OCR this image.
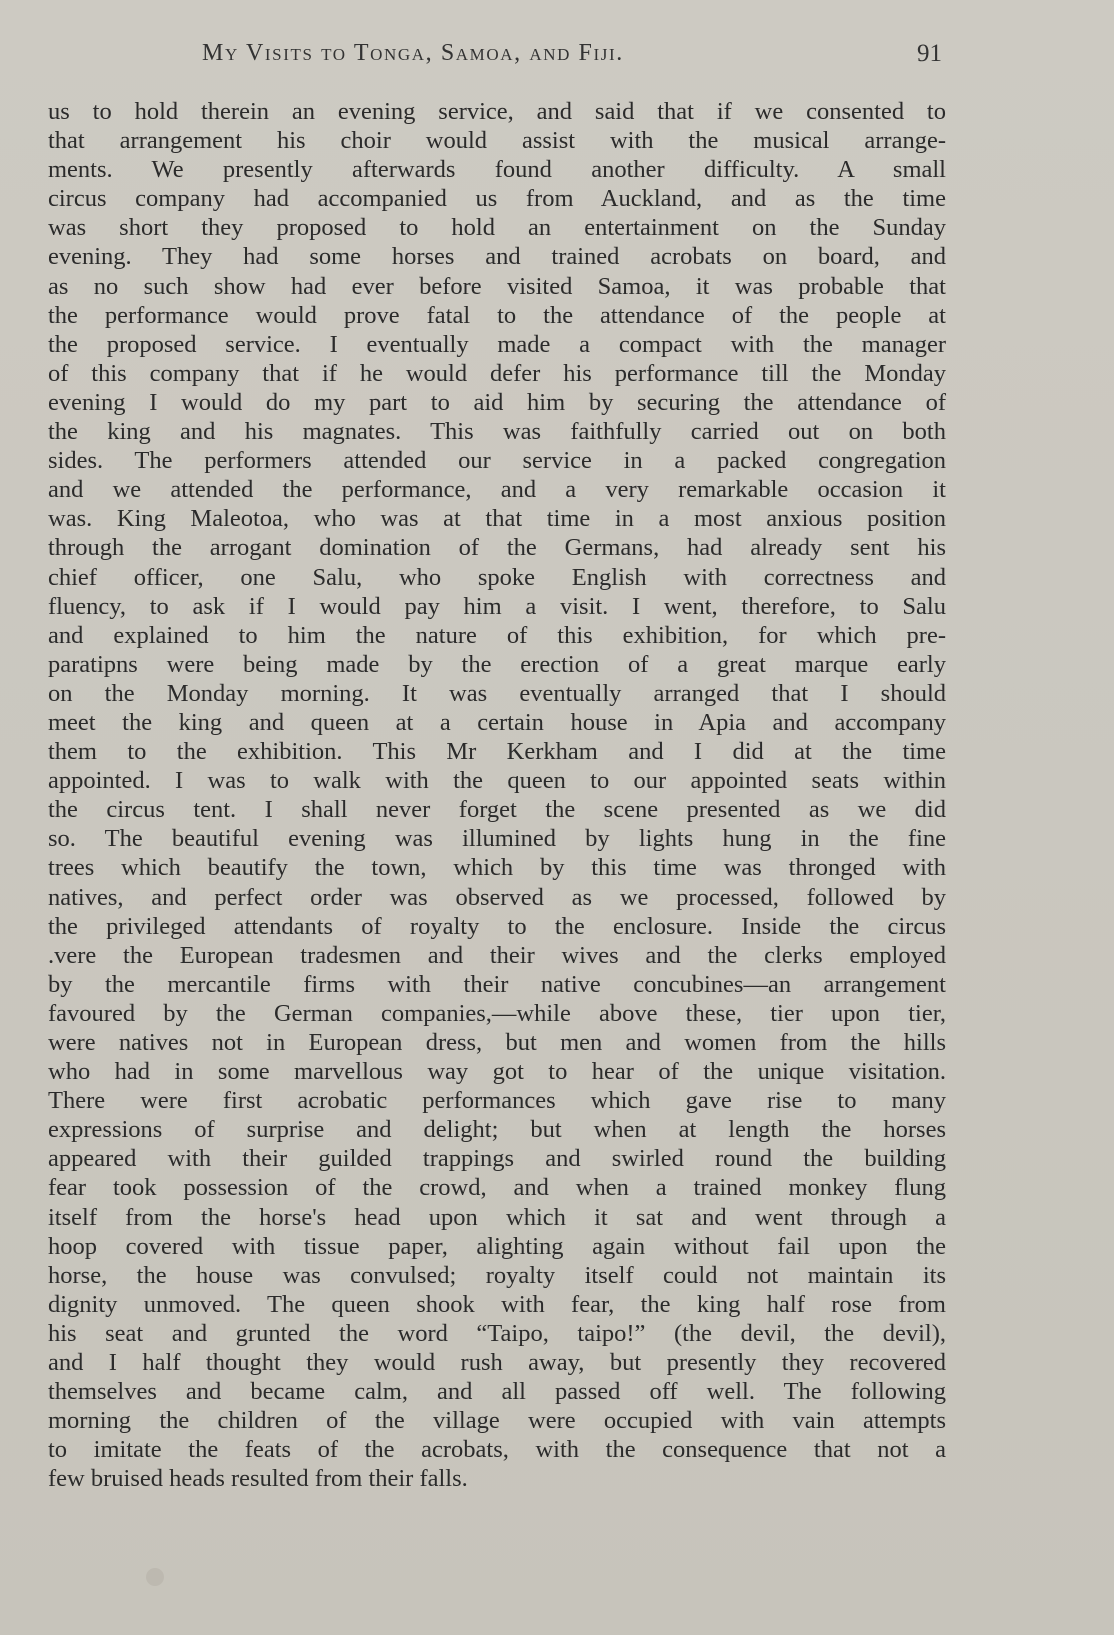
My Visits to Tonga, Samoa, and Fiji.	91
us to hold therein an evening service, and said that if we consented to
that arrangement his choir would assist with the musical arrange-
ments. We presently afterwards found another difficulty. A small
circus company had accompanied us from Auckland, and as the time
was short they proposed to hold an entertainment on the Sunday
evening. They had some horses and trained acrobats on board, and
as no such show had ever before visited Samoa, it was probable that
the performance would prove fatal to the attendance of the people at
the proposed service. I eventually made a compact with the manager
of this company that if he would defer his performance till the Monday
evening I would do my part to aid him by securing the attendance of
the king and his magnates. This was faithfully carried out on both
sides. The performers attended our service in a packed congregation
and we attended the performance, and a very remarkable occasion it
was. King Maleotoa, who was at that time in a most anxious position
through the arrogant domination of the Germans, had already sent his
chief officer, one Salu, who spoke English with correctness and
fluency, to ask if I would pay him a visit. I went, therefore, to Salu
and explained to him the nature of this exhibition, for which pre-
paratipns were being made by the erection of a great marque early
on the Monday morning. It was eventually arranged that I should
meet the king and queen at a certain house in Apia and accompany
them to the exhibition. This Mr Kerkham and I did at the time
appointed. I was to walk with the queen to our appointed seats within
the circus tent. I shall never forget the scene presented as we did
so. The beautiful evening was illumined by lights hung in the fine
trees which beautify the town, which by this time was thronged with
natives, and perfect order was observed as we processed, followed by
the privileged attendants of royalty to the enclosure. Inside the circus
.vere the European tradesmen and their wives and the clerks employed
by the mercantile firms with their native concubines—an arrangement
favoured by the German companies,—while above these, tier upon tier,
were natives not in European dress, but men and women from the hills
who had in some marvellous way got to hear of the unique visitation.
There were first acrobatic performances which gave rise to many
expressions of surprise and delight; but when at length the horses
appeared with their guilded trappings and swirled round the building
fear took possession of the crowd, and when a trained monkey flung
itself from the horse's head upon which it sat and went through a
hoop covered with tissue paper, alighting again without fail upon the
horse, the house was convulsed; royalty itself could not maintain its
dignity unmoved. The queen shook with fear, the king half rose from
his seat and grunted the word “Taipo, taipo!” (the devil, the devil),
and I half thought they would rush away, but presently they recovered
themselves and became calm, and all passed off well. The following
morning the children of the village were occupied with vain attempts
to imitate the feats of the acrobats, with the consequence that not a
few bruised heads resulted from their falls.
